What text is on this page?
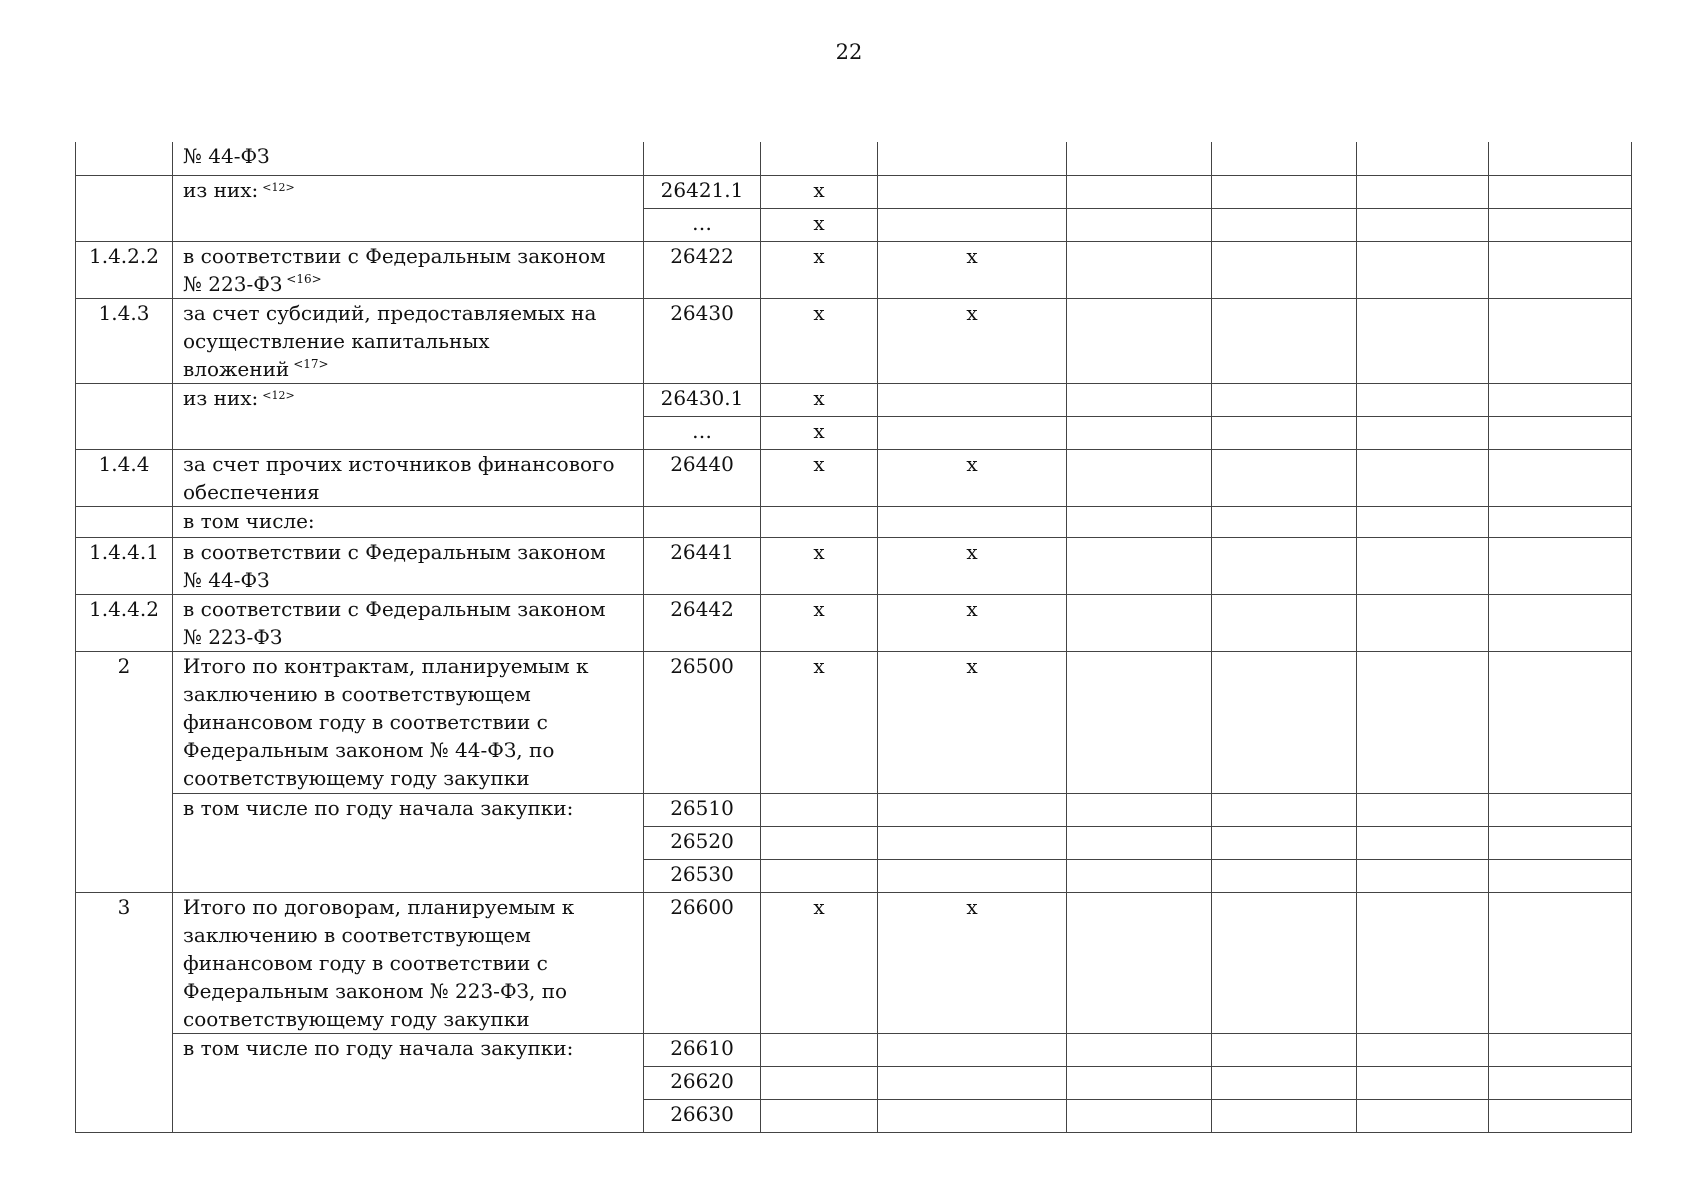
22
	№ 44-ФЗ								
	из них: $^{<12>}$	26421.1	x						
		…	x						
1.4.2.2	в соответствии с Федеральным законом
№ 223-ФЗ $^{<16>}$	26422	x	x					
1.4.3	за счет субсидий, предоставляемых на
осуществление капитальных вложений $^{<17>}$	26430	x	x					
	из них: $^{<12>}$	26430.1	x						
		…	x						
1.4.4	за счет прочих источников финансового
обеспечения	26440	x	x					
	в том числе:								
1.4.4.1	в соответствии с Федеральным законом
№ 44-ФЗ	26441	x	x					
1.4.4.2	в соответствии с Федеральным законом
№ 223-ФЗ	26442	x	x					
2	Итого по контрактам, планируемым к
заключению в соответствующем
финансовом году в соответствии с
Федеральным законом № 44-ФЗ, по
соответствующему году закупки	26500	x	x					
	в том числе по году начала закупки:	26510							
		26520							
		26530							
3	Итого по договорам, планируемым к
заключению в соответствующем
финансовом году в соответствии с
Федеральным законом № 223-ФЗ, по
соответствующему году закупки	26600	x	x					
	в том числе по году начала закупки:	26610							
		26620							
		26630							
